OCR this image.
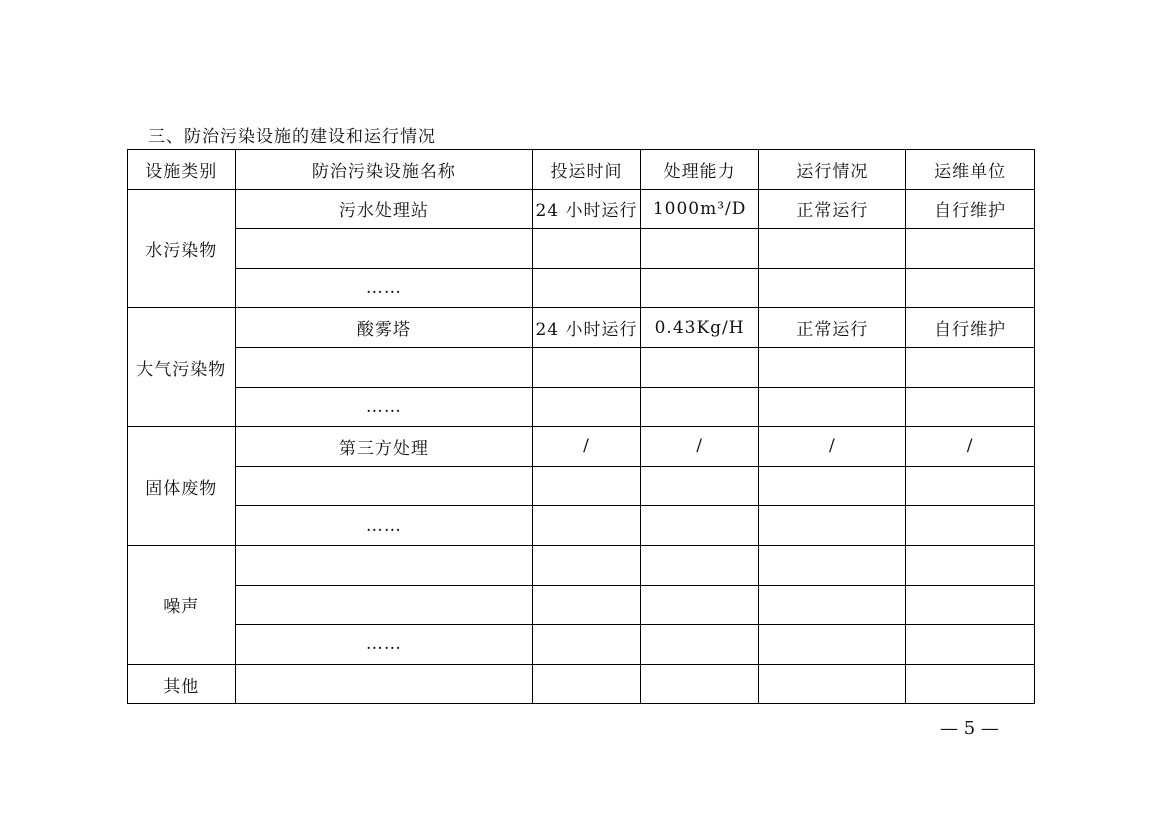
三、防治污染设施的建设和运行情况
设施类别	防治污染设施名称	投运时间	处理能力	运行情况	运维单位
水污染物	污水处理站	24 小时运行	1000m³/D	正常运行	自行维护

	……				
大气污染物	酸雾塔	24 小时运行	0.43Kg/H	正常运行	自行维护

	……				
固体废物	第三方处理	/	/	/	/

	……				
噪声					

	……				
其他					
— 5 —
